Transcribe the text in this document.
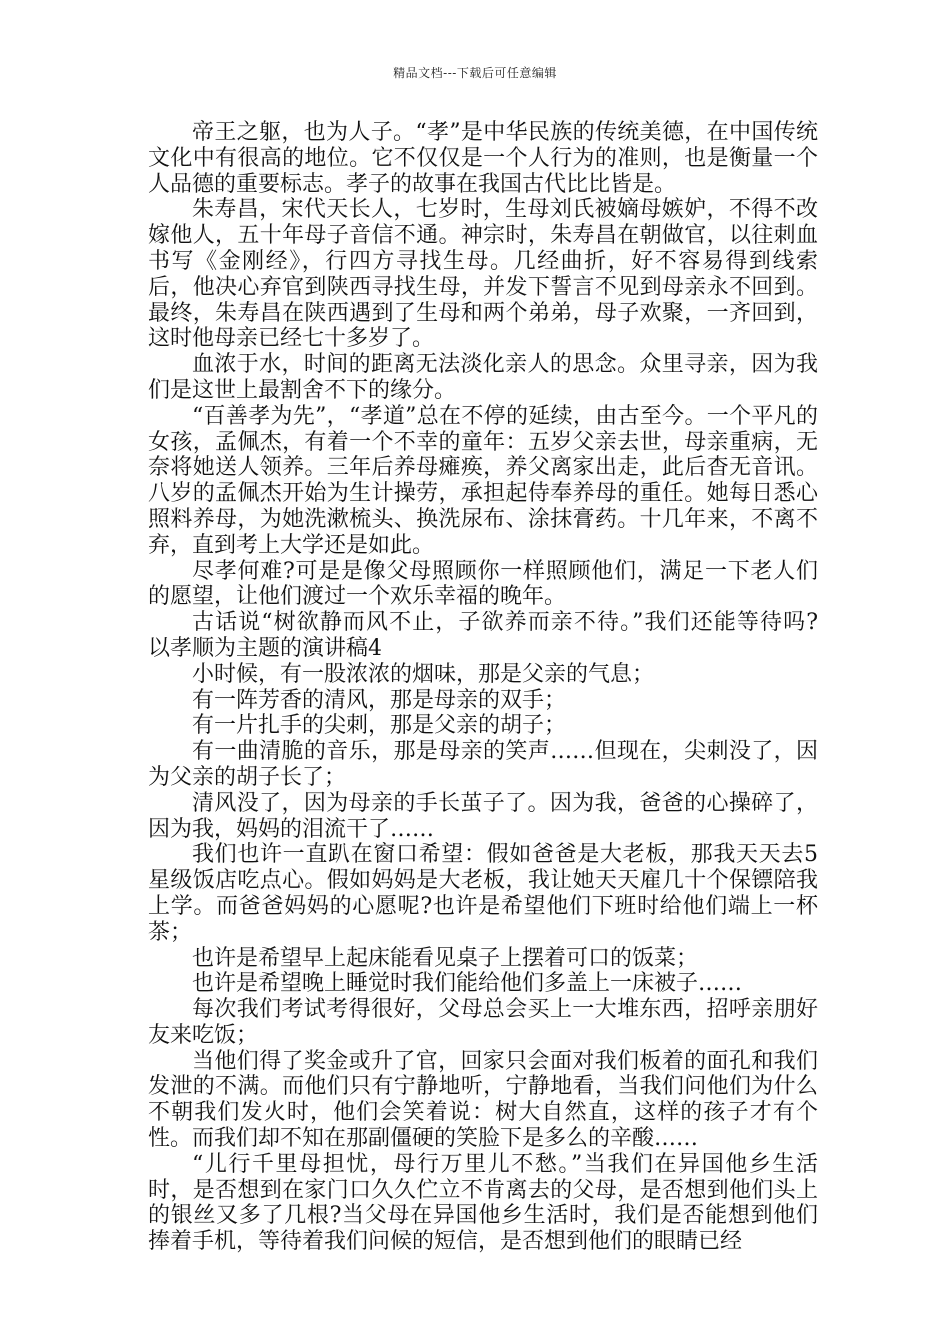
精品文档---下载后可任意编辑

帝王之躯，也为人子。“孝”是中华民族的传统美德，在中国传统文化中有很高的地位。它不仅仅是一个人行为的准则，也是衡量一个人品德的重要标志。孝子的故事在我国古代比比皆是。

朱寿昌，宋代天长人，七岁时，生母刘氏被嫡母嫉妒，不得不改嫁他人，五十年母子音信不通。神宗时，朱寿昌在朝做官，以往刺血书写《金刚经》，行四方寻找生母。几经曲折，好不容易得到线索后，他决心弃官到陕西寻找生母，并发下誓言不见到母亲永不回到。最终，朱寿昌在陕西遇到了生母和两个弟弟，母子欢聚，一齐回到，这时他母亲已经七十多岁了。

血浓于水，时间的距离无法淡化亲人的思念。众里寻亲，因为我们是这世上最割舍不下的缘分。

“百善孝为先”，“孝道”总在不停的延续，由古至今。一个平凡的女孩，孟佩杰，有着一个不幸的童年：五岁父亲去世，母亲重病，无奈将她送人领养。三年后养母瘫痪，养父离家出走，此后杳无音讯。八岁的孟佩杰开始为生计操劳，承担起侍奉养母的重任。她每日悉心照料养母，为她洗漱梳头、换洗尿布、涂抹膏药。十几年来，不离不弃，直到考上大学还是如此。

尽孝何难?可是是像父母照顾你一样照顾他们，满足一下老人们的愿望，让他们渡过一个欢乐幸福的晚年。

古话说“树欲静而风不止，子欲养而亲不待。”我们还能等待吗?　　以孝顺为主题的演讲稿4

小时候，有一股浓浓的烟味，那是父亲的气息；

有一阵芳香的清风，那是母亲的双手；

有一片扎手的尖刺，那是父亲的胡子；

有一曲清脆的音乐，那是母亲的笑声……但现在，尖刺没了，因为父亲的胡子长了；

清风没了，因为母亲的手长茧子了。因为我，爸爸的心操碎了，因为我，妈妈的泪流干了……

我们也许一直趴在窗口希望：假如爸爸是大老板，那我天天去5星级饭店吃点心。假如妈妈是大老板，我让她天天雇几十个保镖陪我上学。而爸爸妈妈的心愿呢?也许是希望他们下班时给他们端上一杯茶；

也许是希望早上起床能看见桌子上摆着可口的饭菜；

也许是希望晚上睡觉时我们能给他们多盖上一床被子……

每次我们考试考得很好，父母总会买上一大堆东西，招呼亲朋好友来吃饭；

当他们得了奖金或升了官，回家只会面对我们板着的面孔和我们发泄的不满。而他们只有宁静地听，宁静地看，当我们问他们为什么不朝我们发火时，他们会笑着说：树大自然直，这样的孩子才有个性。而我们却不知在那副僵硬的笑脸下是多么的辛酸……

“儿行千里母担忧，母行万里儿不愁。”当我们在异国他乡生活时，是否想到在家门口久久伫立不肯离去的父母，是否想到他们头上的银丝又多了几根?当父母在异国他乡生活时，我们是否能想到他们捧着手机，等待着我们问候的短信，是否想到他们的眼睛已经
